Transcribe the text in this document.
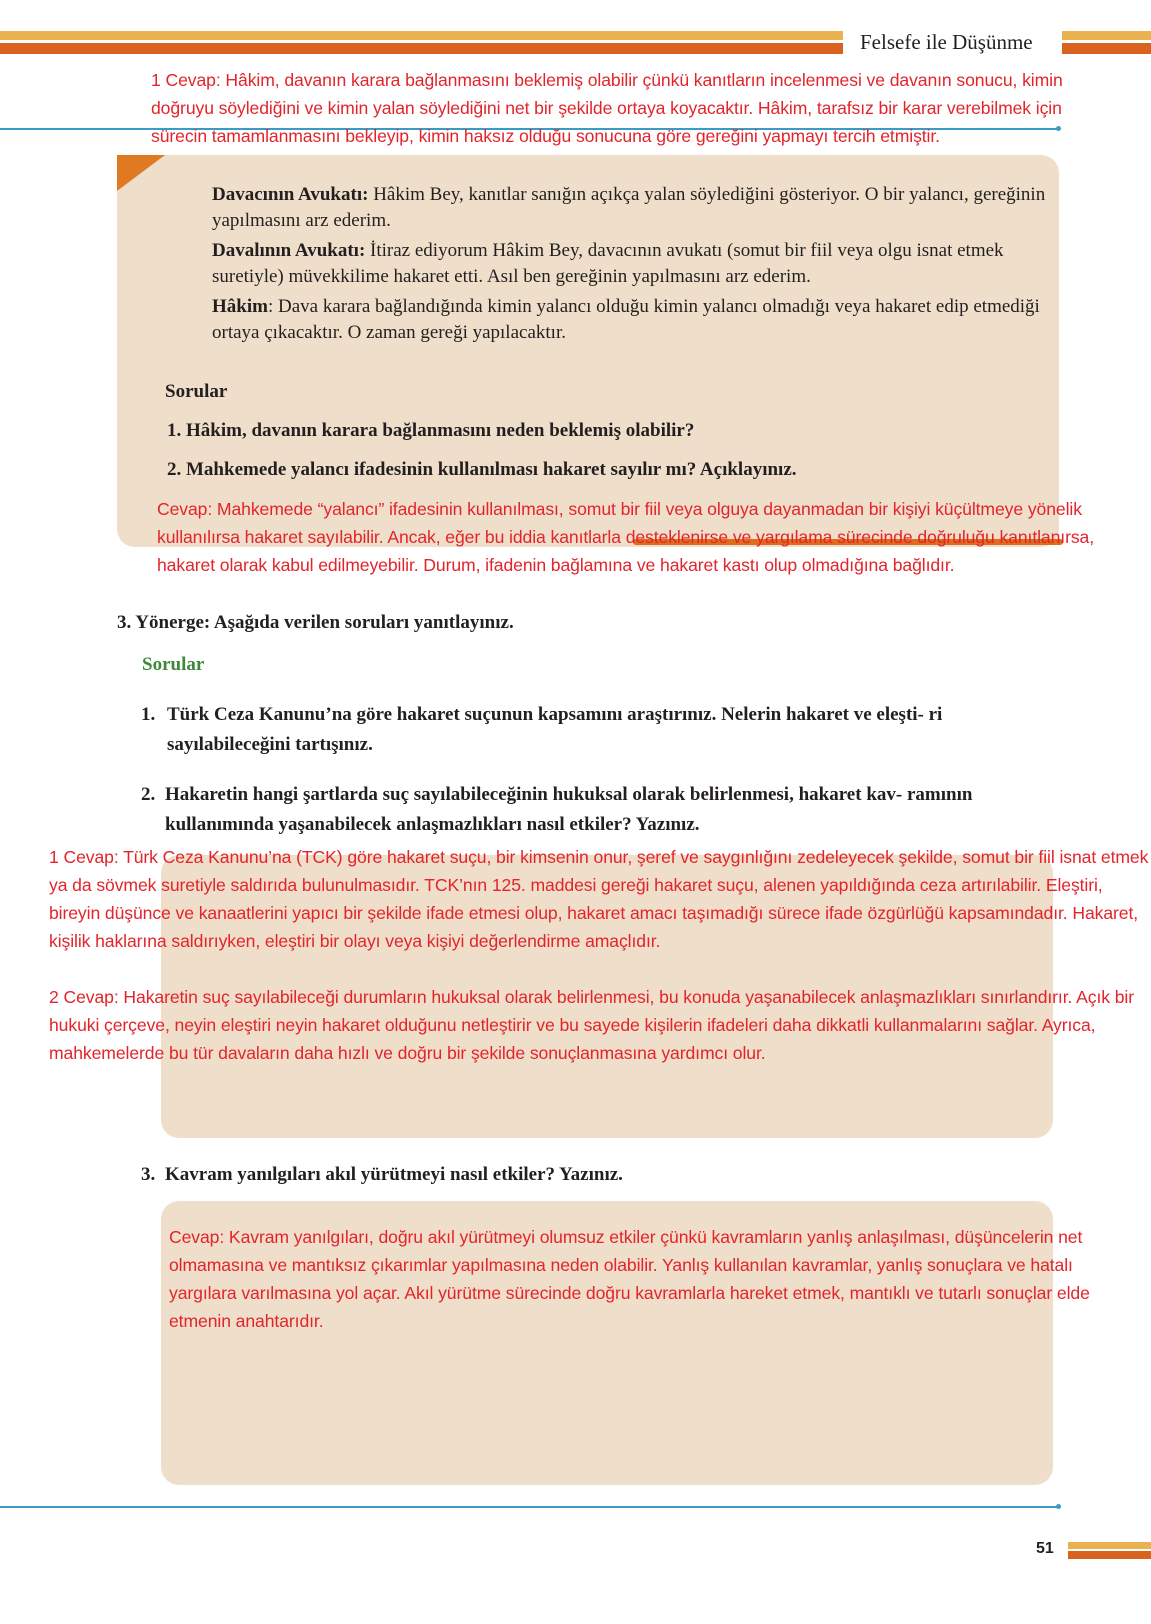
Felsefe ile Düşünme
1 Cevap: Hâkim, davanın karara bağlanmasını beklemiş olabilir çünkü kanıtların incelenmesi ve davanın sonucu, kimin doğruyu söylediğini ve kimin yalan söylediğini net bir şekilde ortaya koyacaktır. Hâkim, tarafsız bir karar verebilmek için sürecin tamamlanmasını bekleyip, kimin haksız olduğu sonucuna göre gereğini yapmayı tercih etmiştir.
Davacının Avukatı: Hâkim Bey, kanıtlar sanığın açıkça yalan söylediğini gösteriyor. O bir yalancı, gereğinin yapılmasını arz ederim.
Davalının Avukatı: İtiraz ediyorum Hâkim Bey, davacının avukatı (somut bir fiil veya olgu isnat etmek suretiyle) müvekkilime hakaret etti. Asıl ben gereğinin yapılmasını arz ederim.
Hâkim: Dava karara bağlandığında kimin yalancı olduğu kimin yalancı olmadığı veya hakaret edip etmediği ortaya çıkacaktır. O zaman gereği yapılacaktır.
Sorular
1. Hâkim, davanın karara bağlanmasını neden beklemiş olabilir?
2. Mahkemede yalancı ifadesinin kullanılması hakaret sayılır mı? Açıklayınız.
Cevap: Mahkemede “yalancı” ifadesinin kullanılması, somut bir fiil veya olguya dayanmadan bir kişiyi küçültmeye yönelik kullanılırsa hakaret sayılabilir. Ancak, eğer bu iddia kanıtlarla desteklenirse ve yargılama sürecinde doğruluğu kanıtlanırsa, hakaret olarak kabul edilmeyebilir. Durum, ifadenin bağlamına ve hakaret kastı olup olmadığına bağlıdır.
3. Yönerge: Aşağıda verilen soruları yanıtlayınız.
Sorular
1. Türk Ceza Kanunu’na göre hakaret suçunun kapsamını araştırınız. Nelerin hakaret ve eleşti- ri sayılabileceğini tartışınız.
2. Hakaretin hangi şartlarda suç sayılabileceğinin hukuksal olarak belirlenmesi, hakaret kav- ramının kullanımında yaşanabilecek anlaşmazlıkları nasıl etkiler? Yazınız.
1 Cevap: Türk Ceza Kanunu’na (TCK) göre hakaret suçu, bir kimsenin onur, şeref ve saygınlığını zedeleyecek şekilde, somut bir fiil isnat etmek ya da sövmek suretiyle saldırıda bulunulmasıdır. TCK’nın 125. maddesi gereği hakaret suçu, alenen yapıldığında ceza artırılabilir. Eleştiri, bireyin düşünce ve kanaatlerini yapıcı bir şekilde ifade etmesi olup, hakaret amacı taşımadığı sürece ifade özgürlüğü kapsamındadır. Hakaret, kişilik haklarına saldırıyken, eleştiri bir olayı veya kişiyi değerlendirme amaçlıdır.
2 Cevap: Hakaretin suç sayılabileceği durumların hukuksal olarak belirlenmesi, bu konuda yaşanabilecek anlaşmazlıkları sınırlandırır. Açık bir hukuki çerçeve, neyin eleştiri neyin hakaret olduğunu netleştirir ve bu sayede kişilerin ifadeleri daha dikkatli kullanmalarını sağlar. Ayrıca, mahkemelerde bu tür davaların daha hızlı ve doğru bir şekilde sonuçlanmasına yardımcı olur.
3. Kavram yanılgıları akıl yürütmeyi nasıl etkiler? Yazınız.
Cevap: Kavram yanılgıları, doğru akıl yürütmeyi olumsuz etkiler çünkü kavramların yanlış anlaşılması, düşüncelerin net olmamasına ve mantıksız çıkarımlar yapılmasına neden olabilir. Yanlış kullanılan kavramlar, yanlış sonuçlara ve hatalı yargılara varılmasına yol açar. Akıl yürütme sürecinde doğru kavramlarla hareket etmek, mantıklı ve tutarlı sonuçlar elde etmenin anahtarıdır.
51
